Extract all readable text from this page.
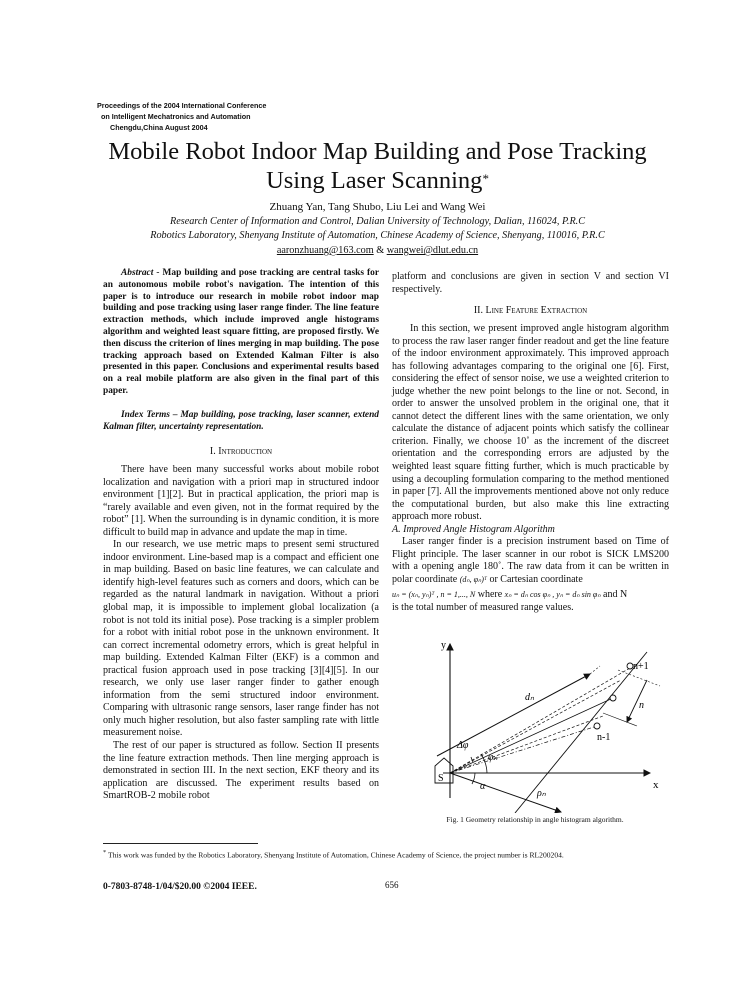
Proceedings of the 2004 International Conference
on Intelligent Mechatronics and Automation
Chengdu,China August 2004
Mobile Robot Indoor Map Building and Pose Tracking
Using Laser Scanning*
Zhuang Yan, Tang Shubo, Liu Lei and Wang Wei
Research Center of Information and Control, Dalian University of Technology, Dalian, 116024, P.R.C
Robotics Laboratory, Shenyang Institute of Automation, Chinese Academy of Science, Shenyang, 110016, P.R.C
aaronzhuang@163.com & wangwei@dlut.edu.cn
Abstract - Map building and pose tracking are central tasks for an autonomous mobile robot's navigation. The intention of this paper is to introduce our research in mobile robot indoor map building and pose tracking using laser range finder. The line feature extraction methods, which include improved angle histograms algorithm and weighted least square fitting, are proposed firstly. We then discuss the criterion of lines merging in map building. The pose tracking approach based on Extended Kalman Filter is also presented in this paper. Conclusions and experimental results based on a real mobile platform are also given in the final part of this paper.
Index Terms – Map building, pose tracking, laser scanner, extend Kalman filter, uncertainty representation.
I. Introduction

There have been many successful works about mobile robot localization and navigation with a priori map in structured indoor environment [1][2]. But in practical application, the priori map is “rarely available and even given, not in the format required by the robot” [1]. When the surrounding is in dynamic condition, it is more difficult to build map in advance and update the map in time.

In our research, we use metric maps to present semi structured indoor environment. Line-based map is a compact and efficient one in map building. Based on basic line features, we can calculate and identify high-level features such as corners and doors, which can be regarded as the natural landmark in navigation. Without a priori global map, it is impossible to implement global localization (a robot is not told its initial pose). Pose tracking is a simpler problem for a robot with initial robot pose in the unknown environment. It can correct incremental odometry errors, which is great helpful in map building. Extended Kalman Filter (EKF) is a common and practical fusion approach used in pose tracking [3][4][5]. In our research, we only use laser ranger finder to gather enough information from the semi structured indoor environment. Comparing with ultrasonic range sensors, laser range finder has not only much higher resolution, but also faster sampling rate with little measurement noise.

The rest of our paper is structured as follow. Section II presents the line feature extraction methods. Then line merging approach is demonstrated in section III. In the next section, EKF theory and its application are discussed. The experiment results based on SmartROB-2 mobile robot

platform and conclusions are given in section V and section VI respectively.
II. Line Feature Extraction

In this section, we present improved angle histogram algorithm to process the raw laser ranger finder readout and get the line feature of the indoor environment approximately. This improved approach has following advantages comparing to the original one [6]. First, considering the effect of sensor noise, we use a weighted criterion to judge whether the new point belongs to the line or not. Second, in order to answer the unsolved problem in the original one, that it cannot detect the different lines with the same orientation, we only calculate the distance of adjacent points which satisfy the collinear criterion. Finally, we choose 10˚ as the increment of the discreet orientation and the corresponding errors are adjusted by the weighted least square fitting further, which is much practicable by using a decoupling formulation comparing to the method mentioned in paper [7]. All the improvements mentioned above not only reduce the computational burden, but also make this line extracting approach more robust.

A. Improved Angle Histogram Algorithm

Laser ranger finder is a precision instrument based on Time of Flight principle. The laser scanner in our robot is SICK LMS200 with a opening angle 180˚. The raw data from it can be written in polar coordinate (dₙ, φₙ)ᵀ or Cartesian coordinate

uₙ = (xₙ, yₙ)ᵀ , n = 1,..., N where xₙ = dₙ cos φₙ , yₙ = dₙ sin φₙ and N

is the total number of measured range values.

y
x
S
dₙ
n+1
n-1
n
ρₙ
φₙ
α
Δφ
Fig. 1 Geometry relationship in angle histogram algorithm.
* This work was funded by the Robotics Laboratory, Shenyang Institute of Automation, Chinese Academy of Science, the project number is RL200204.
0-7803-8748-1/04/$20.00 ©2004 IEEE.	656
